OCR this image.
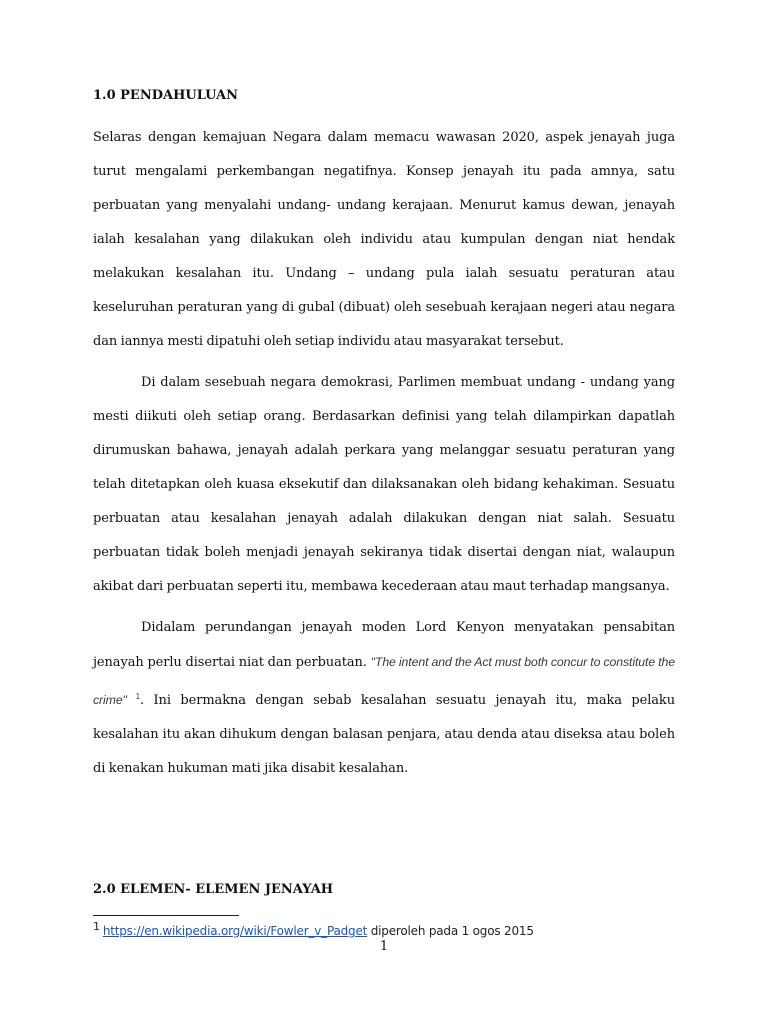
1.0 PENDAHULUAN

Selaras dengan kemajuan Negara dalam memacu wawasan 2020, aspek jenayah juga turut mengalami perkembangan negatifnya. Konsep jenayah itu pada amnya, satu perbuatan yang menyalahi undang- undang kerajaan. Menurut kamus dewan, jenayah ialah kesalahan yang dilakukan oleh individu atau kumpulan dengan niat hendak melakukan kesalahan itu. Undang – undang pula ialah sesuatu peraturan atau keseluruhan peraturan yang di gubal (dibuat) oleh sesebuah kerajaan negeri atau negara dan iannya mesti dipatuhi oleh setiap individu atau masyarakat tersebut.

Di dalam sesebuah negara demokrasi, Parlimen membuat undang - undang yang mesti diikuti oleh setiap orang. Berdasarkan definisi yang telah dilampirkan dapatlah dirumuskan bahawa, jenayah adalah perkara yang melanggar sesuatu peraturan yang telah ditetapkan oleh kuasa eksekutif dan dilaksanakan oleh bidang kehakiman. Sesuatu perbuatan atau kesalahan jenayah adalah dilakukan dengan niat salah. Sesuatu perbuatan tidak boleh menjadi jenayah sekiranya tidak disertai dengan niat, walaupun akibat dari perbuatan seperti itu, membawa kecederaan atau maut terhadap mangsanya.

Didalam perundangan jenayah moden Lord Kenyon menyatakan pensabitan jenayah perlu disertai niat dan perbuatan. "The intent and the Act must both concur to constitute the crime" $^1$. Ini bermakna dengan sebab kesalahan sesuatu jenayah itu, maka pelaku kesalahan itu akan dihukum dengan balasan penjara, atau denda atau diseksa atau boleh di kenakan hukuman mati jika disabit kesalahan.

2.0 ELEMEN- ELEMEN JENAYAH

$^1$ https://en.wikipedia.org/wiki/Fowler_v_Padget diperoleh pada 1 ogos 2015

1
